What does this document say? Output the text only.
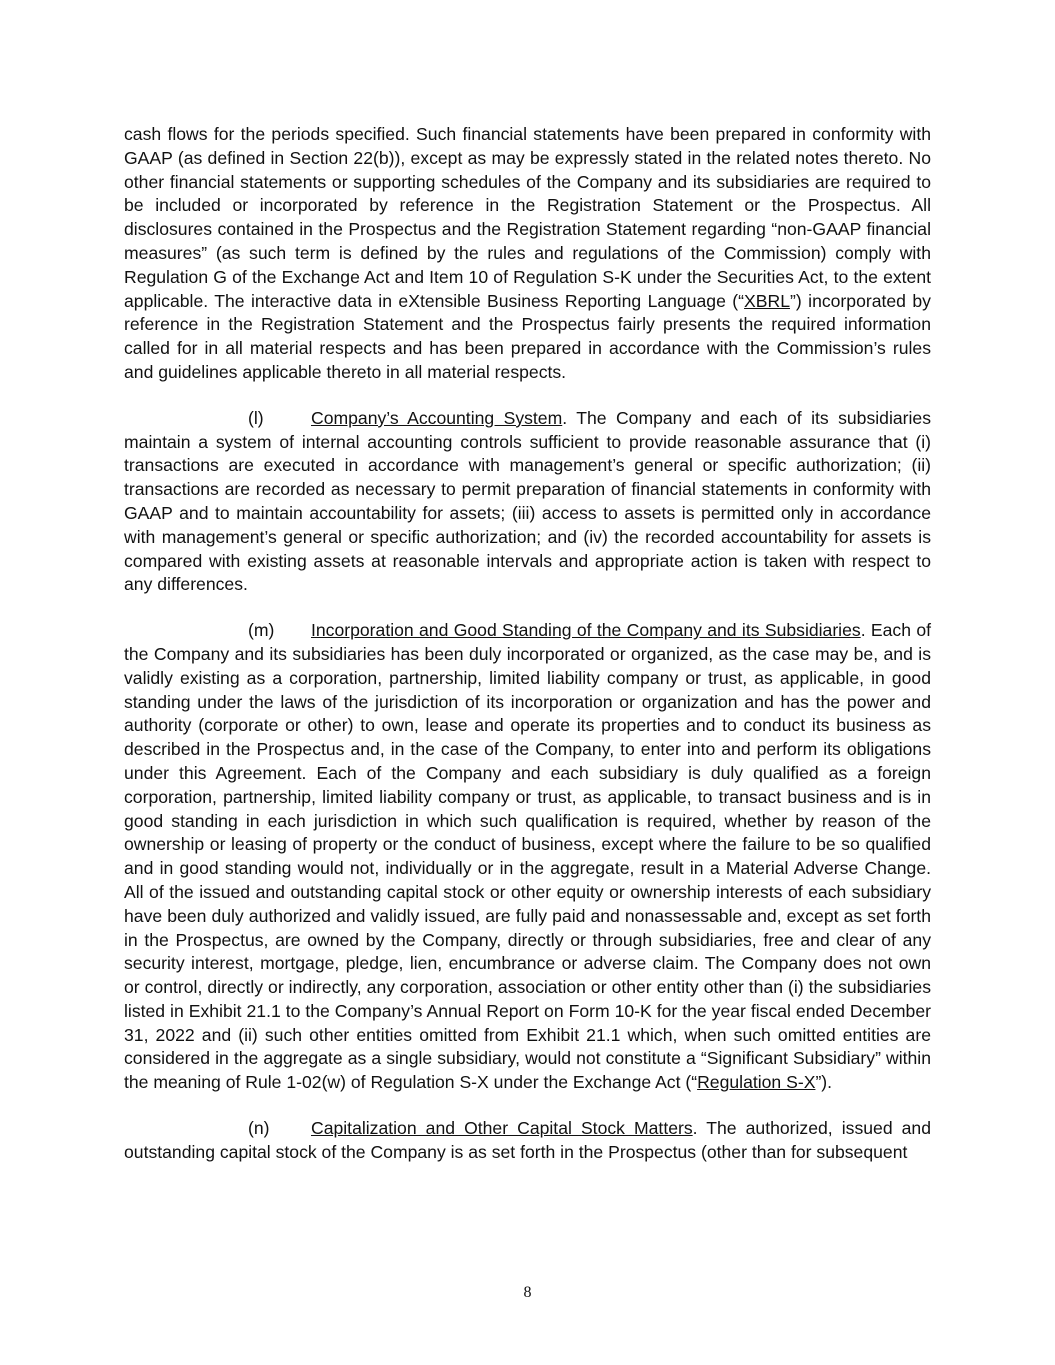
cash flows for the periods specified. Such financial statements have been prepared in conformity with GAAP (as defined in Section 22(b)), except as may be expressly stated in the related notes thereto. No other financial statements or supporting schedules of the Company and its subsidiaries are required to be included or incorporated by reference in the Registration Statement or the Prospectus. All disclosures contained in the Prospectus and the Registration Statement regarding “non-GAAP financial measures” (as such term is defined by the rules and regulations of the Commission) comply with Regulation G of the Exchange Act and Item 10 of Regulation S-K under the Securities Act, to the extent applicable. The interactive data in eXtensible Business Reporting Language (“XBRL”) incorporated by reference in the Registration Statement and the Prospectus fairly presents the required information called for in all material respects and has been prepared in accordance with the Commission’s rules and guidelines applicable thereto in all material respects.

(l)	Company’s Accounting System. The Company and each of its subsidiaries maintain a system of internal accounting controls sufficient to provide reasonable assurance that (i) transactions are executed in accordance with management’s general or specific authorization; (ii) transactions are recorded as necessary to permit preparation of financial statements in conformity with GAAP and to maintain accountability for assets; (iii) access to assets is permitted only in accordance with management’s general or specific authorization; and (iv) the recorded accountability for assets is compared with existing assets at reasonable intervals and appropriate action is taken with respect to any differences.

(m) Incorporation and Good Standing of the Company and its Subsidiaries. Each of the Company and its subsidiaries has been duly incorporated or organized, as the case may be, and is validly existing as a corporation, partnership, limited liability company or trust, as applicable, in good standing under the laws of the jurisdiction of its incorporation or organization and has the power and authority (corporate or other) to own, lease and operate its properties and to conduct its business as described in the Prospectus and, in the case of the Company, to enter into and perform its obligations under this Agreement. Each of the Company and each subsidiary is duly qualified as a foreign corporation, partnership, limited liability company or trust, as applicable, to transact business and is in good standing in each jurisdiction in which such qualification is required, whether by reason of the ownership or leasing of property or the conduct of business, except where the failure to be so qualified and in good standing would not, individually or in the aggregate, result in a Material Adverse Change. All of the issued and outstanding capital stock or other equity or ownership interests of each subsidiary have been duly authorized and validly issued, are fully paid and nonassessable and, except as set forth in the Prospectus, are owned by the Company, directly or through subsidiaries, free and clear of any security interest, mortgage, pledge, lien, encumbrance or adverse claim. The Company does not own or control, directly or indirectly, any corporation, association or other entity other than (i) the subsidiaries listed in Exhibit 21.1 to the Company’s Annual Report on Form 10-K for the year fiscal ended December 31, 2022 and (ii) such other entities omitted from Exhibit 21.1 which, when such omitted entities are considered in the aggregate as a single subsidiary, would not constitute a “Significant Subsidiary” within the meaning of Rule 1-02(w) of Regulation S-X under the Exchange Act (“Regulation S-X”).

(n) Capitalization and Other Capital Stock Matters. The authorized, issued and outstanding capital stock of the Company is as set forth in the Prospectus (other than for subsequent

8
